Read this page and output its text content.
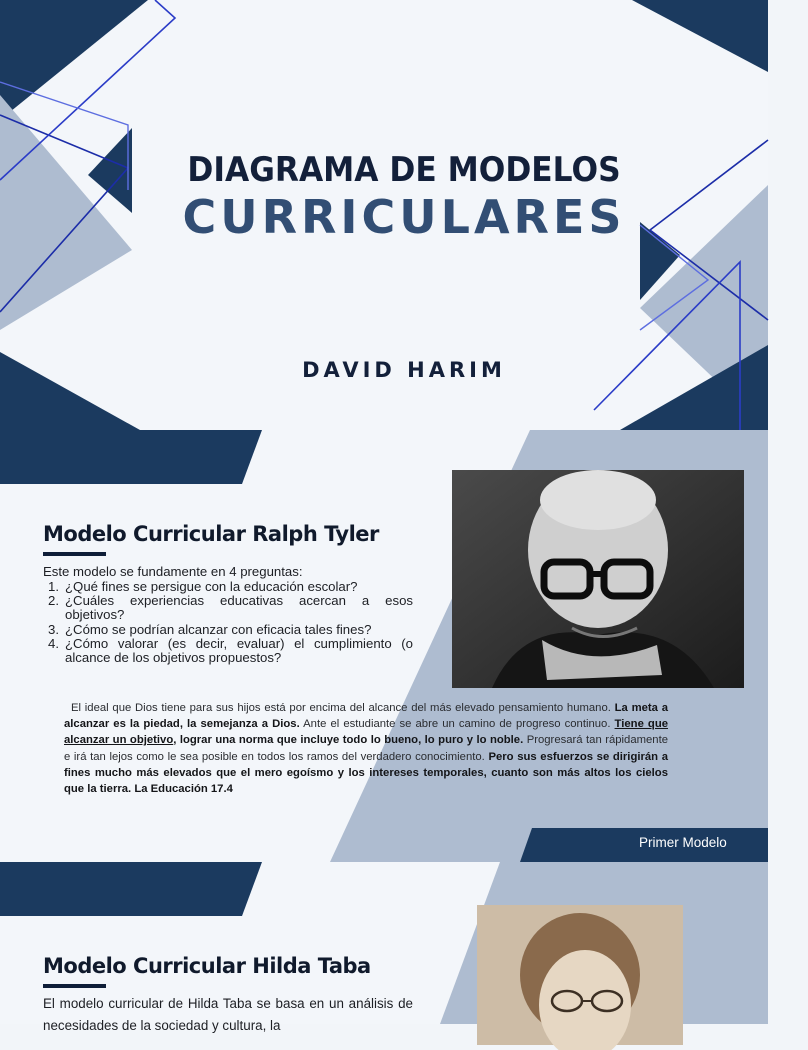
DIAGRAMA DE MODELOS
CURRICULARES
DAVID HARIM
Modelo Curricular Ralph Tyler
Este modelo se fundamente en 4 preguntas:
1. ¿Qué fines se persigue con la educación escolar?
2. ¿Cuáles experiencias educativas acercan a esos objetivos?
3. ¿Cómo se podrían alcanzar con eficacia tales fines?
4. ¿Cómo valorar (es decir, evaluar) el cumplimiento (o alcance de los objetivos propuestos?

El ideal que Dios tiene para sus hijos está por encima del alcance del más elevado pensamiento humano. La meta a alcanzar es la piedad, la semejanza a Dios. Ante el estudiante se abre un camino de progreso continuo. Tiene que alcanzar un objetivo, lograr una norma que incluye todo lo bueno, lo puro y lo noble. Progresará tan rápidamente e irá tan lejos como le sea posible en todos los ramos del verdadero conocimiento. Pero sus esfuerzos se dirigirán a fines mucho más elevados que el mero egoísmo y los intereses temporales, cuanto son más altos los cielos que la tierra. La Educación 17.4

Primer Modelo
Modelo Curricular Hilda Taba
El modelo curricular de Hilda Taba se basa en un análisis de necesidades de la sociedad y cultura, la
